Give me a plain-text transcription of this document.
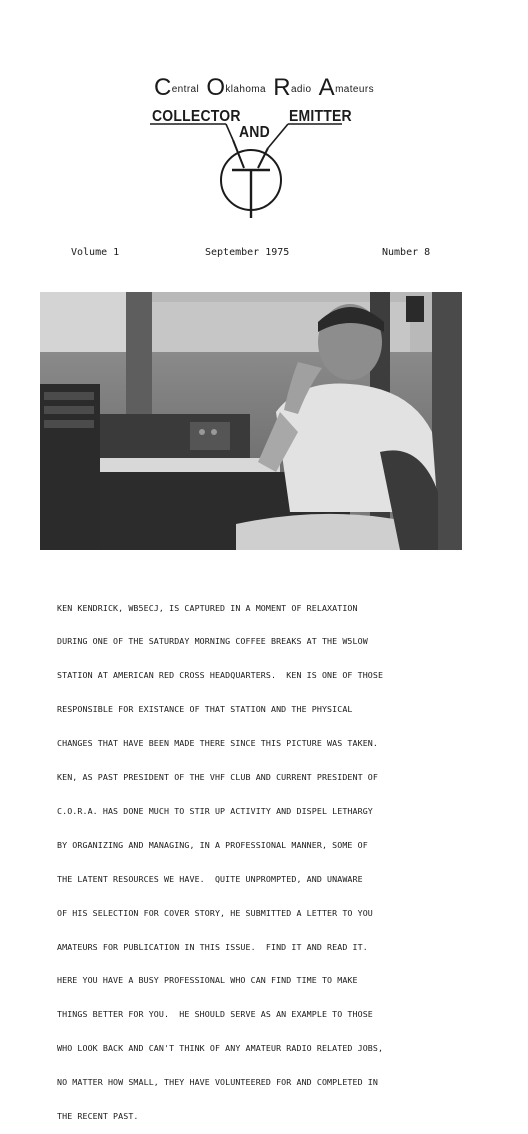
Central Oklahoma Radio Amateurs
COLLECTOR
AND
EMITTER
Volume 1	September 1975	Number 8

KEN KENDRICK, WB5ECJ, IS CAPTURED IN A MOMENT OF RELAXATION

DURING ONE OF THE SATURDAY MORNING COFFEE BREAKS AT THE W5LOW

STATION AT AMERICAN RED CROSS HEADQUARTERS.  KEN IS ONE OF THOSE

RESPONSIBLE FOR EXISTANCE OF THAT STATION AND THE PHYSICAL

CHANGES THAT HAVE BEEN MADE THERE SINCE THIS PICTURE WAS TAKEN.

KEN, AS PAST PRESIDENT OF THE VHF CLUB AND CURRENT PRESIDENT OF

C.O.R.A. HAS DONE MUCH TO STIR UP ACTIVITY AND DISPEL LETHARGY

BY ORGANIZING AND MANAGING, IN A PROFESSIONAL MANNER, SOME OF

THE LATENT RESOURCES WE HAVE.  QUITE UNPROMPTED, AND UNAWARE

OF HIS SELECTION FOR COVER STORY, HE SUBMITTED A LETTER TO YOU

AMATEURS FOR PUBLICATION IN THIS ISSUE.  FIND IT AND READ IT.

HERE YOU HAVE A BUSY PROFESSIONAL WHO CAN FIND TIME TO MAKE

THINGS BETTER FOR YOU.  HE SHOULD SERVE AS AN EXAMPLE TO THOSE

WHO LOOK BACK AND CAN'T THINK OF ANY AMATEUR RADIO RELATED JOBS,

NO MATTER HOW SMALL, THEY HAVE VOLUNTEERED FOR AND COMPLETED IN

THE RECENT PAST.
